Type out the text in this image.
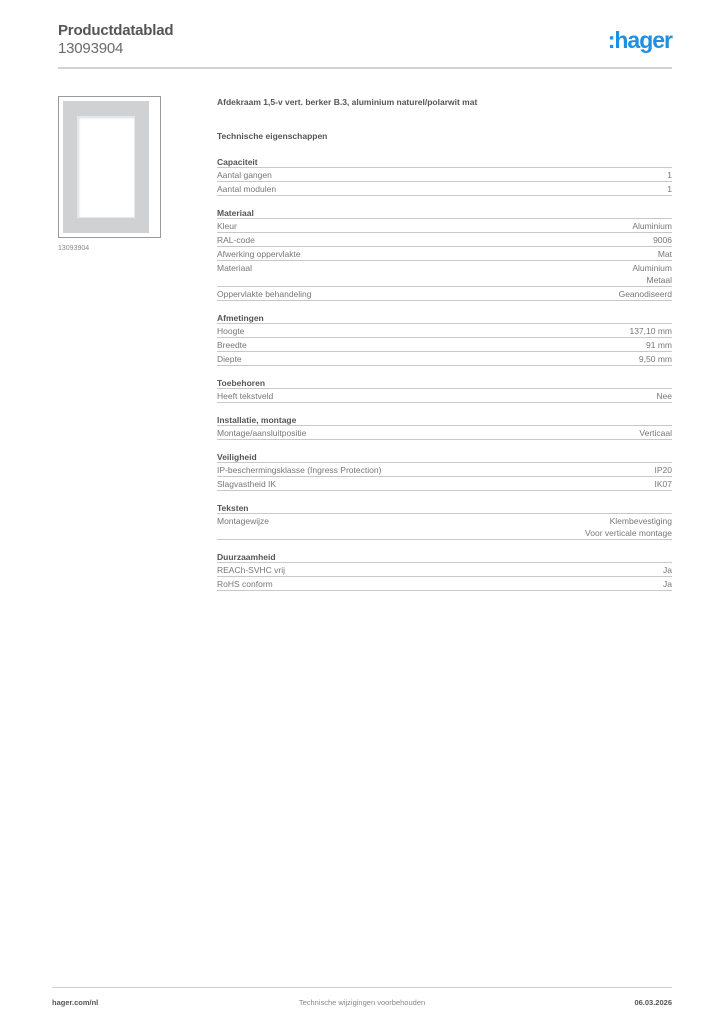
Productdatablad
13093904	:hager
13093904
Afdekraam 1,5-v vert. berker B.3, aluminium naturel/polarwit mat
Technische eigenschappen
Capaciteit
Aantal gangen	1
Aantal modulen	1
Materiaal
Kleur	Aluminium
RAL-code	9006
Afwerking oppervlakte	Mat
Materiaal	Aluminium
Metaal
Oppervlakte behandeling	Geanodiseerd
Afmetingen
Hoogte	137,10 mm
Breedte	91 mm
Diepte	9,50 mm
Toebehoren
Heeft tekstveld	Nee
Installatie, montage
Montage/aansluitpositie	Verticaal
Veiligheid
IP-beschermingsklasse (Ingress Protection)	IP20
Slagvastheid IK	IK07
Teksten
Montagewijze	Klembevestiging
Voor verticale montage
Duurzaamheid
REACh-SVHC vrij	Ja
RoHS conform	Ja
hager.com/nl	Technische wijzigingen voorbehouden	06.03.2026
